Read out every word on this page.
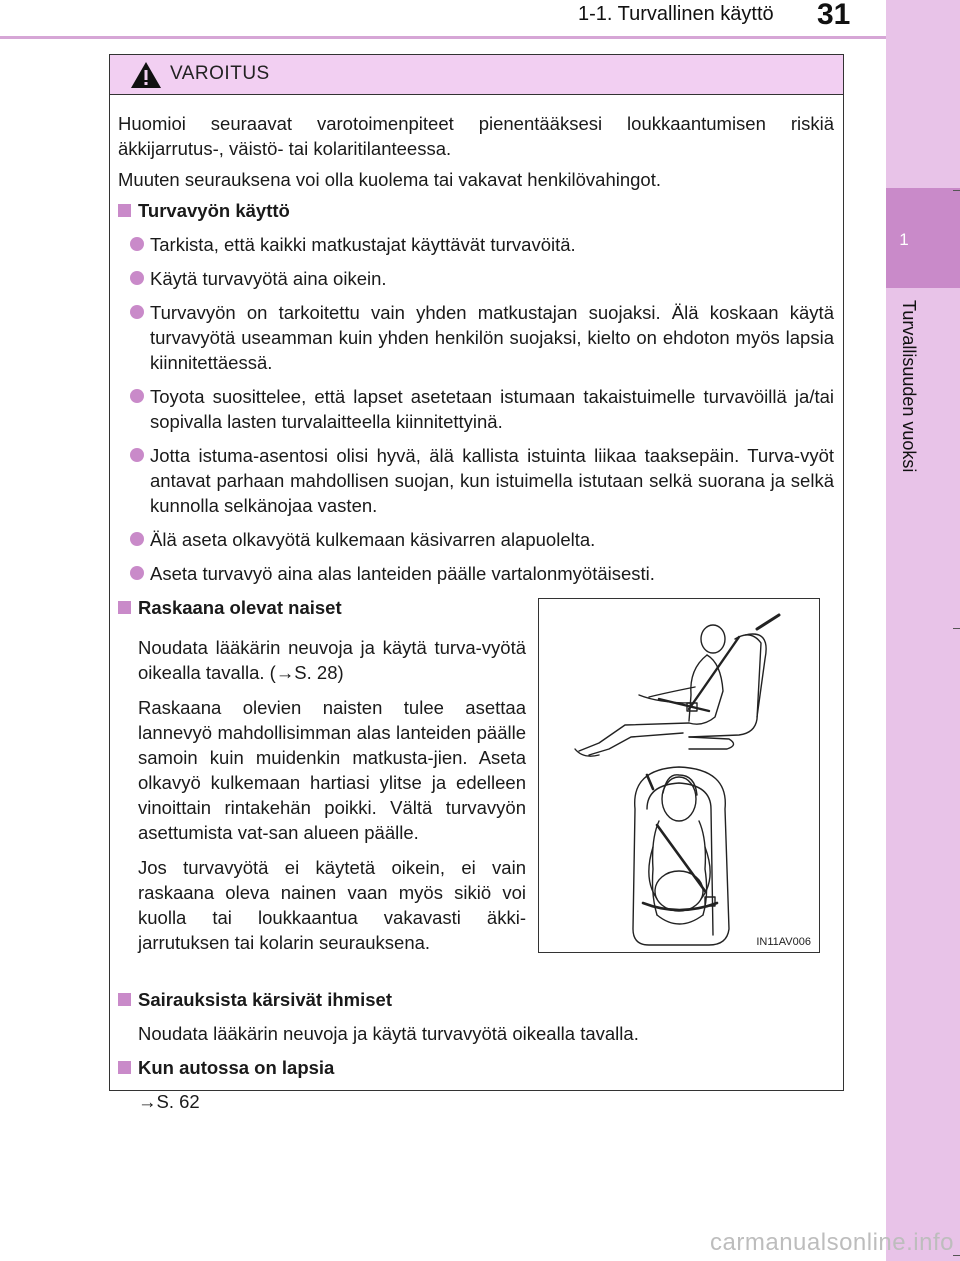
1-1. Turvallinen käyttö 31
1
Turvallisuuden vuoksi
VAROITUS

Huomioi seuraavat varotoimenpiteet pienentääksesi loukkaantumisen riskiä äkkijarrutus-, väistö- tai kolaritilanteessa.

Muuten seurauksena voi olla kuolema tai vakavat henkilövahingot.

Turvavyön käyttö
Tarkista, että kaikki matkustajat käyttävät turvavöitä.
Käytä turvavyötä aina oikein.
Turvavyön on tarkoitettu vain yhden matkustajan suojaksi. Älä koskaan käytä turvavyötä useamman kuin yhden henkilön suojaksi, kielto on ehdoton myös lapsia kiinnitettäessä.
Toyota suosittelee, että lapset asetetaan istumaan takaistuimelle turvavöillä ja/tai sopivalla lasten turvalaitteella kiinnitettyinä.
Jotta istuma-asentosi olisi hyvä, älä kallista istuinta liikaa taaksepäin. Turva-vyöt antavat parhaan mahdollisen suojan, kun istuimella istutaan selkä suorana ja selkä kunnolla selkänojaa vasten.
Älä aseta olkavyötä kulkemaan käsivarren alapuolelta.
Aseta turvavyö aina alas lanteiden päälle vartalonmyötäisesti.
Raskaana olevat naiset

Noudata lääkärin neuvoja ja käytä turva-vyötä oikealla tavalla. (→S. 28)

Raskaana olevien naisten tulee asettaa lannevyö mahdollisimman alas lanteiden päälle samoin kuin muidenkin matkusta-jien. Aseta olkavyö kulkemaan hartiasi ylitse ja edelleen vinoittain rintakehän poikki. Vältä turvavyön asettumista vat-san alueen päälle.

Jos turvavyötä ei käytetä oikein, ei vain raskaana oleva nainen vaan myös sikiö voi kuolla tai loukkaantua vakavasti äkki-jarrutuksen tai kolarin seurauksena.

Sairauksista kärsivät ihmiset
Noudata lääkärin neuvoja ja käytä turvavyötä oikealla tavalla.
Kun autossa on lapsia
→S. 62
IN11AV006
carmanualsonline.info
